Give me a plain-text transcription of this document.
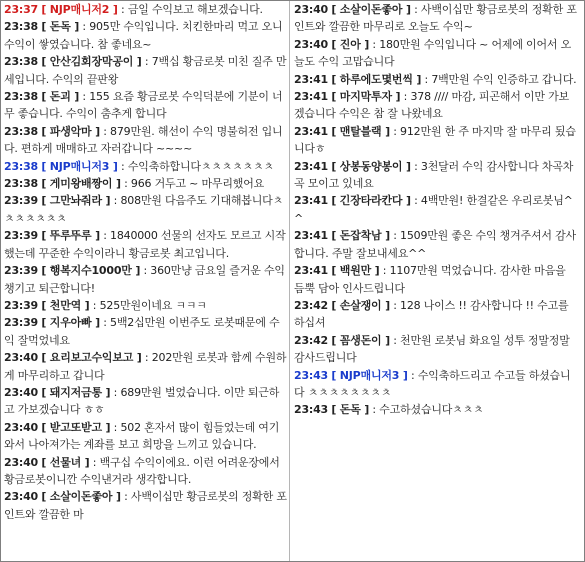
23:37 [ NJP매니저2 ] : 금일 수익보고 해보겠습니다.
23:38 [ 돈독 ] : 905만 수익입니다. 치킨한마리 먹고 오니 수익이 쌓였습니다. 참 좋네요~
23:38 [ 안산김회장막공이 ] : 7백십 황금로봇 미친 질주 만세입니다. 수익의 끝판왕
23:38 [ 돈괴 ] : 155 요즘 황금로봇 수익덕분에 기분이 너무 좋습니다. 수익이 춤추게 합니다
23:38 [ 파생악마 ] : 879만원. 해선이 수익 명불허전 입니다. 편하게 매매하고 자러갑니다 ~~~~
23:38 [ NJP매니저3 ] : 수익축하합니다ㅊㅊㅊㅊㅊㅊㅊ
23:38 [ 게미왕배짱이 ] : 966 거두고 ~ 마무리했어요
23:39 [ 그만놔줘라 ] : 808만원 다음주도 기대해봅니다ㅊㅊㅊㅊㅊㅊㅊ
23:39 [ 뚜루뚜루 ] : 1840000 선물의 선자도 모르고 시작했는데 꾸준한 수익이라니 황금로봇 최고입니다.
23:39 [ 행복지수1000만 ] : 360만냥 금요일 즐거운 수익 챙기고 퇴근합니다!
23:39 [ 천만역 ] : 525만원이네요 ㅋㅋㅋ
23:39 [ 지우아빠 ] : 5백2십만원 이번주도 로봇때문에 수익 잘먹었네요
23:40 [ 요리보고수익보고 ] : 202만원 로봇과 함께 수원하게 마무리하고 갑니다
23:40 [ 돼지저금통 ] : 689만원 벌었습니다. 이만 퇴근하고 가보겠습니다 ㅎㅎ
23:40 [ 받고또받고 ] : 502 혼자서 많이 힘들었는데 여기와서 나아져가는 계좌를 보고 희망을 느끼고 있습니다.
23:40 [ 선물녀 ] : 백구십 수익이에요. 이런 어려운장에서 황금로봇이니깐 수익낸거라 생각합니다.
23:40 [ 소살이돈좋아 ] : 사백이십만 황금로봇의 정확한 포인트와 깔끔한 마
23:40 [ 소살이돈좋아 ] : 사백이십만 황금로봇의 정확한 포인트와 깔끔한 마무리로 오늘도 수익~
23:40 [ 진아 ] : 180만원 수익입니다 ~ 어제에 이어서 오늘도 수익 고맙습니다
23:41 [ 하루에도몇번씩 ] : 7백만원 수익 인증하고 갑니다.
23:41 [ 마지막투자 ] : 378 //// 마감, 피곤해서 이만 가보겠습니다 수익은 참 잘 나왔네요
23:41 [ 맨탈블랙 ] : 912만원 한 주 마지막 잘 마무리 됬습니다ㅎ
23:41 [ 상봉동양봉이 ] : 3천달러 수익 감사합니다 차곡차곡 모이고 있네요
23:41 [ 긴장타라칸다 ] : 4백만원! 한결같은 우리로봇님^^
23:41 [ 돈잡착남 ] : 1509만원 좋은 수익 챙겨주셔서 감사합니다. 주말 잘보내세요^^
23:41 [ 백원만 ] : 1107만원 먹었습니다. 감사한 마음을 듬뿍 담아 인사드립니다
23:42 [ 손살쟁이 ] : 128 나이스 !! 감사합니다 !! 수고를 하십셔
23:42 [ 꼼생돈이 ] : 천만원 로봇님 화요일 성투 정말정말 감사드립니다
23:43 [ NJP매니저3 ] : 수익축하드리고 수고들 하셨습니다 ㅊㅊㅊㅊㅊㅊㅊㅊ
23:43 [ 돈독 ] : 수고하셨습니다ㅊㅊㅊ
